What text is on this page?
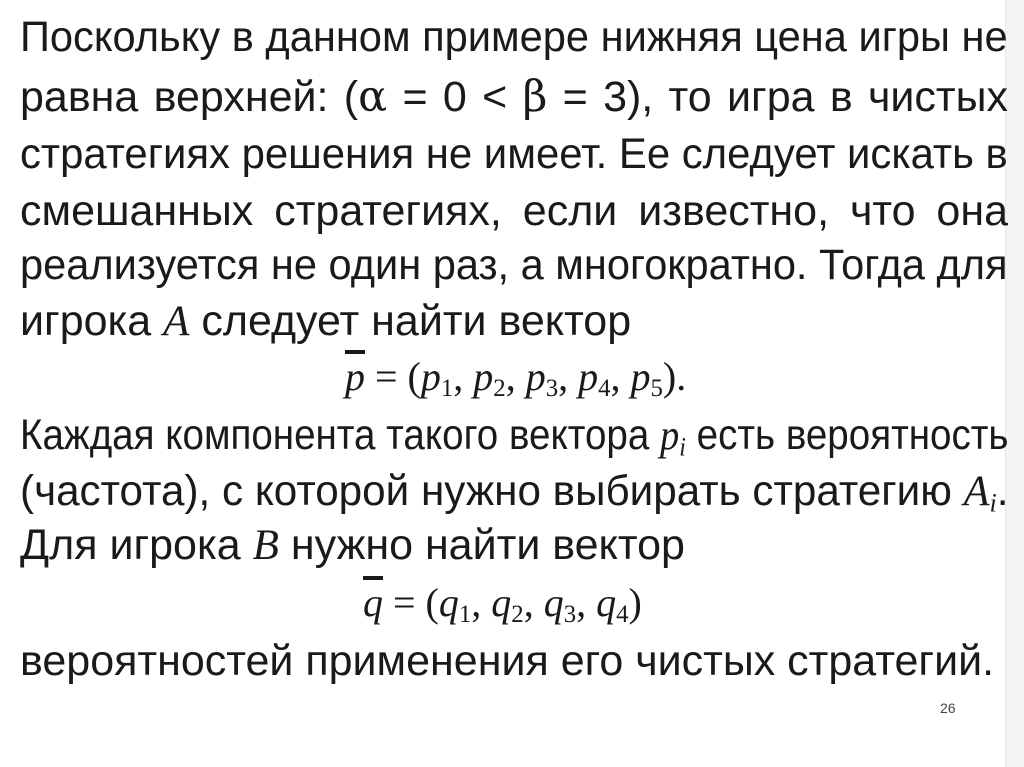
Поскольку в данном примере нижняя цена игры не
равна верхней: (α = 0 < β = 3), то игра в чистых
стратегиях решения не имеет. Ее следует искать в
смешанных стратегиях, если известно, что она
реализуется не один раз, а многократно. Тогда для
игрока A следует найти вектор
$\overline{p} = (p_1$, $p_2$, $p_3$, $p_4$, $p_5$).
Каждая компонента такого вектора $p_i$ есть вероятность
(частота), с которой нужно выбирать стратегию $A_i$.
Для игрока B нужно найти вектор
$\overline{q} = (q_1$, $q_2$, $q_3$, $q_4$)
вероятностей применения его чистых стратегий.
26
